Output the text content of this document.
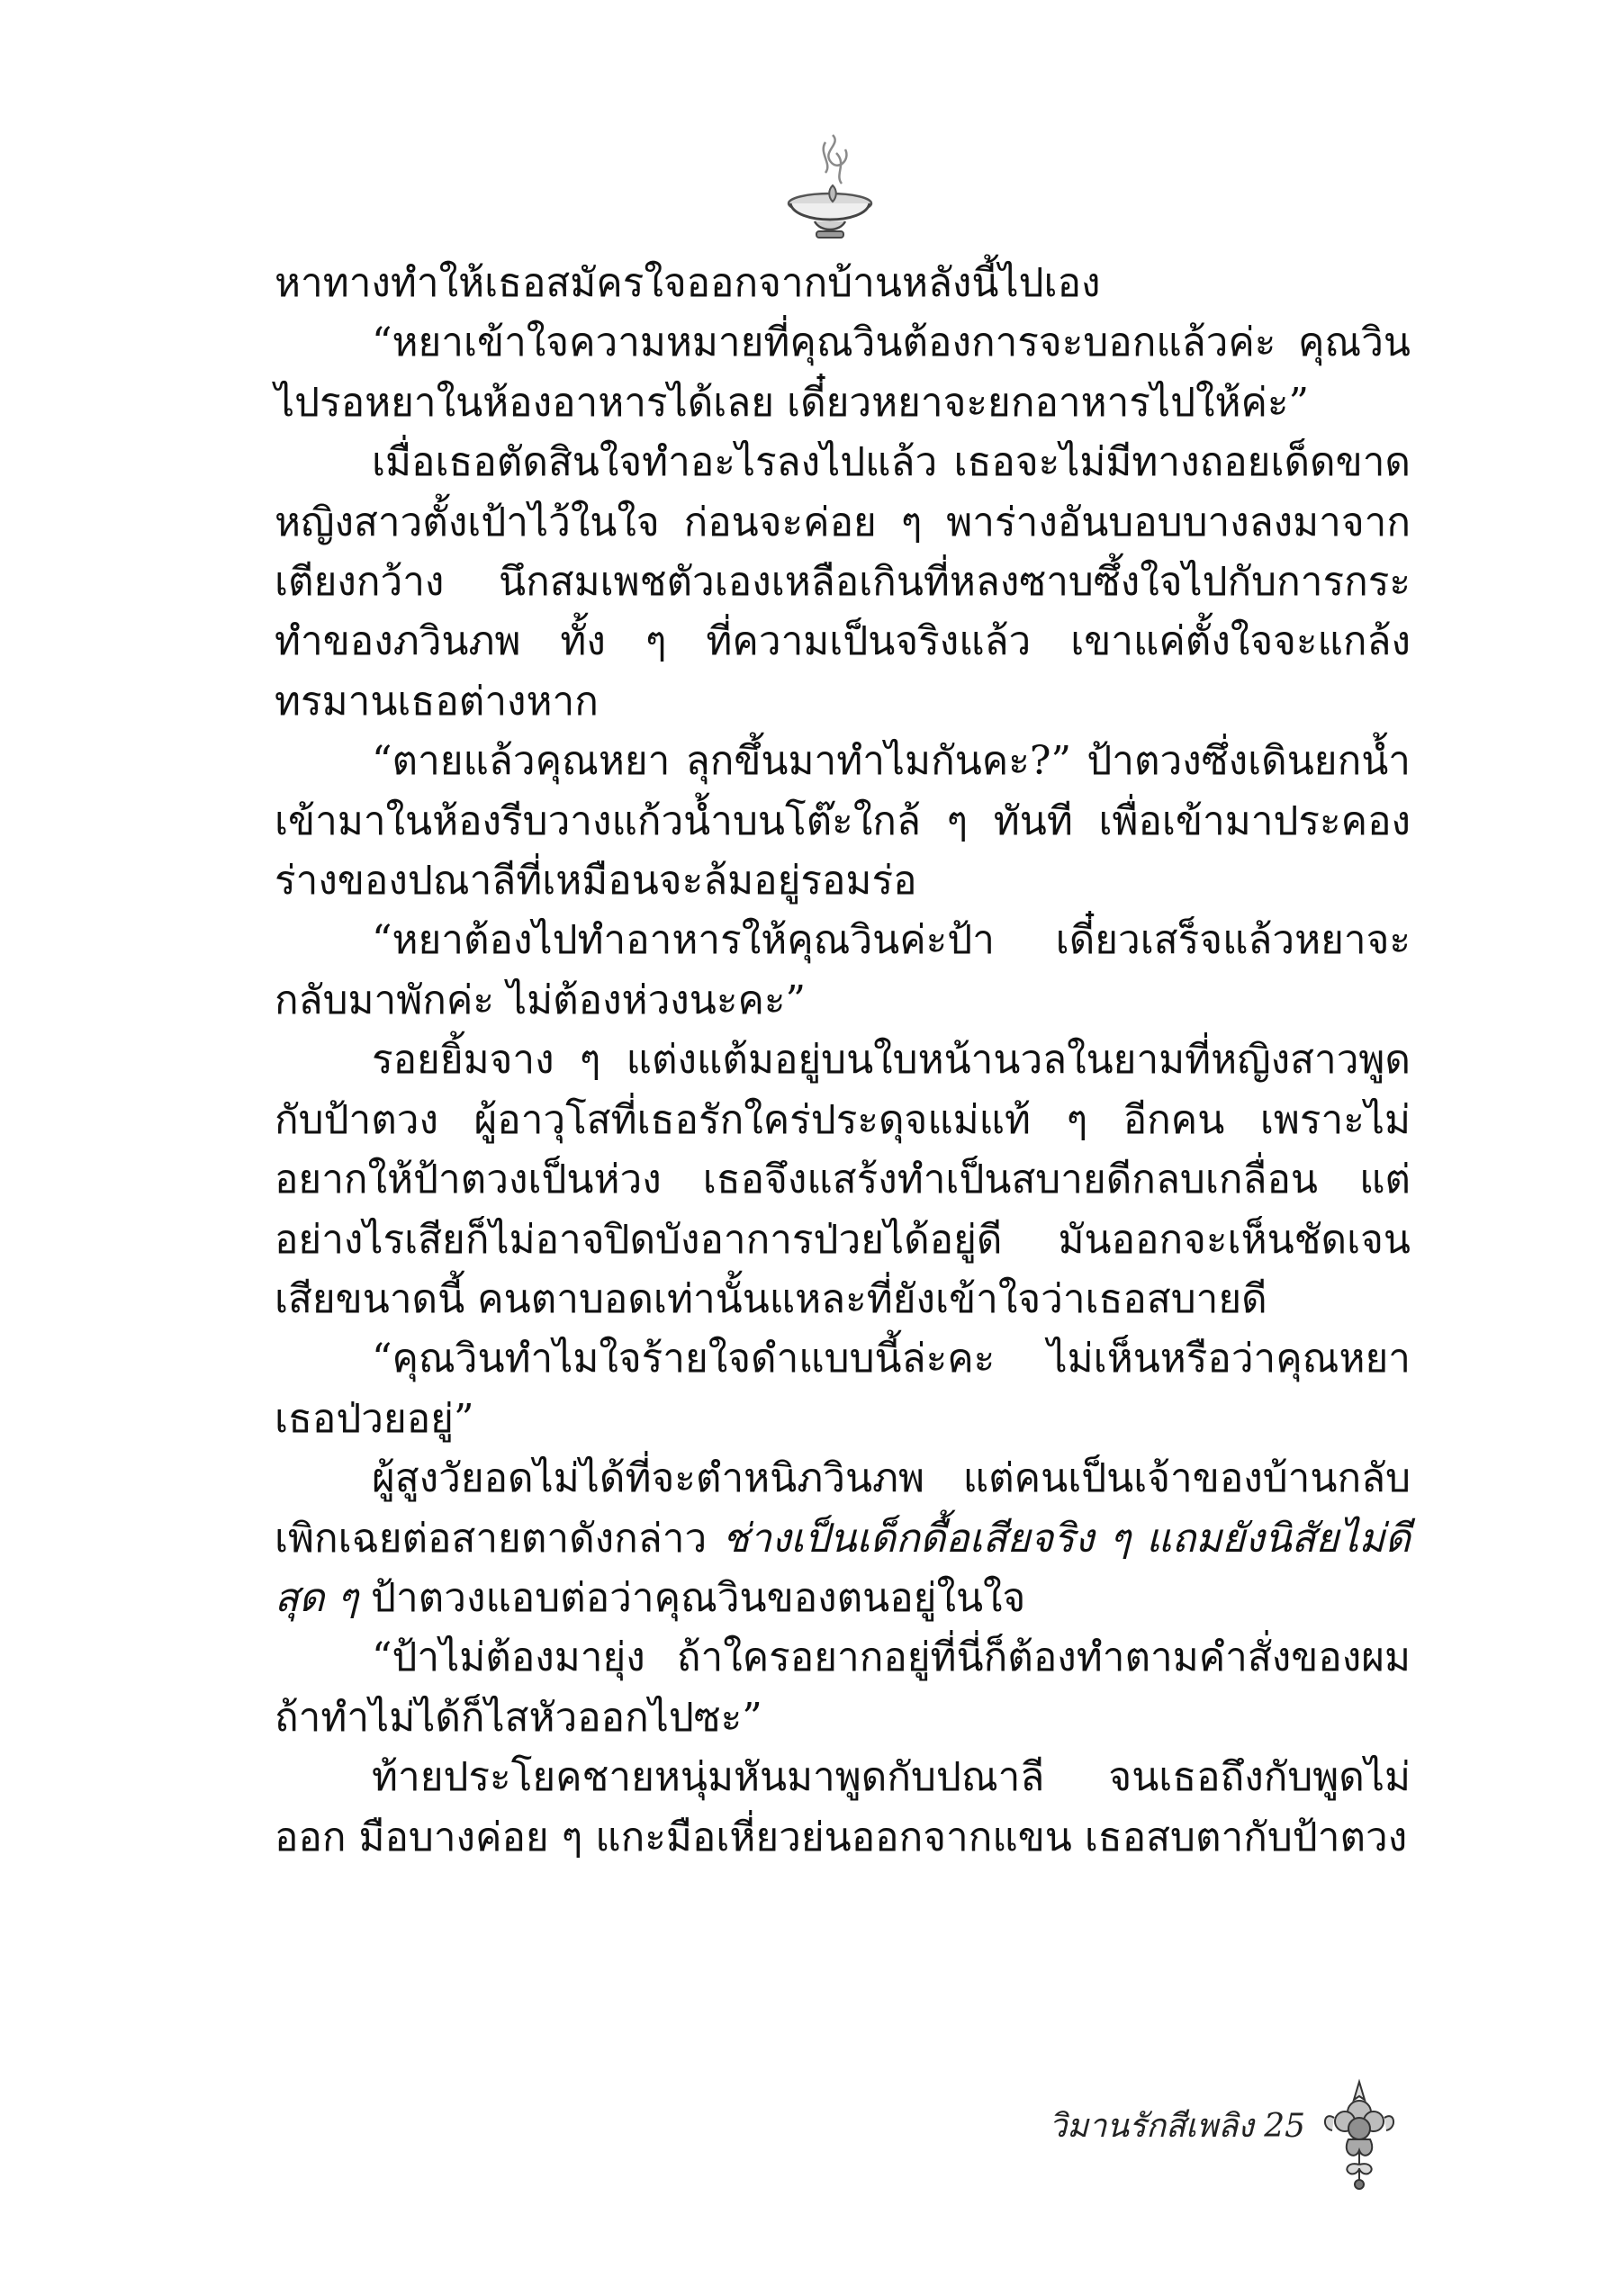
หาทางทำให้เธอสมัครใจออกจากบ้านหลังนี้ไปเอง

“หยาเข้าใจความหมายที่คุณวินต้องการจะบอกแล้วค่ะ คุณวินไปรอหยาในห้องอาหารได้เลย เดี๋ยวหยาจะยกอาหารไปให้ค่ะ”

เมื่อเธอตัดสินใจทำอะไรลงไปแล้ว เธอจะไม่มีทางถอยเด็ดขาด หญิงสาวตั้งเป้าไว้ในใจ ก่อนจะค่อย ๆ พาร่างอันบอบบางลงมาจากเตียงกว้าง นึกสมเพชตัวเองเหลือเกินที่หลงซาบซึ้งใจไปกับการกระทำของภวินภพ ทั้ง ๆ ที่ความเป็นจริงแล้ว เขาแค่ตั้งใจจะแกล้งทรมานเธอต่างหาก

“ตายแล้วคุณหยา ลุกขึ้นมาทำไมกันคะ?” ป้าตวงซึ่งเดินยกน้ำเข้ามาในห้องรีบวางแก้วน้ำบนโต๊ะใกล้ ๆ ทันที เพื่อเข้ามาประคองร่างของปณาลีที่เหมือนจะล้มอยู่รอมร่อ

“หยาต้องไปทำอาหารให้คุณวินค่ะป้า เดี๋ยวเสร็จแล้วหยาจะกลับมาพักค่ะ ไม่ต้องห่วงนะคะ”

รอยยิ้มจาง ๆ แต่งแต้มอยู่บนใบหน้านวลในยามที่หญิงสาวพูดกับป้าตวง ผู้อาวุโสที่เธอรักใคร่ประดุจแม่แท้ ๆ อีกคน เพราะไม่อยากให้ป้าตวงเป็นห่วง เธอจึงแสร้งทำเป็นสบายดีกลบเกลื่อน แต่อย่างไรเสียก็ไม่อาจปิดบังอาการป่วยได้อยู่ดี มันออกจะเห็นชัดเจนเสียขนาดนี้ คนตาบอดเท่านั้นแหละที่ยังเข้าใจว่าเธอสบายดี

“คุณวินทำไมใจร้ายใจดำแบบนี้ล่ะคะ ไม่เห็นหรือว่าคุณหยาเธอป่วยอยู่”

ผู้สูงวัยอดไม่ได้ที่จะตำหนิภวินภพ แต่คนเป็นเจ้าของบ้านกลับเพิกเฉยต่อสายตาดังกล่าว ช่างเป็นเด็กดื้อเสียจริง ๆ แถมยังนิสัยไม่ดีสุด ๆ ป้าตวงแอบต่อว่าคุณวินของตนอยู่ในใจ

“ป้าไม่ต้องมายุ่ง ถ้าใครอยากอยู่ที่นี่ก็ต้องทำตามคำสั่งของผม ถ้าทำไม่ได้ก็ไสหัวออกไปซะ”

ท้ายประโยคชายหนุ่มหันมาพูดกับปณาลี จนเธอถึงกับพูดไม่ออก มือบางค่อย ๆ แกะมือเหี่ยวย่นออกจากแขน เธอสบตากับป้าตวง

วิมานรักสีเพลิง 25
